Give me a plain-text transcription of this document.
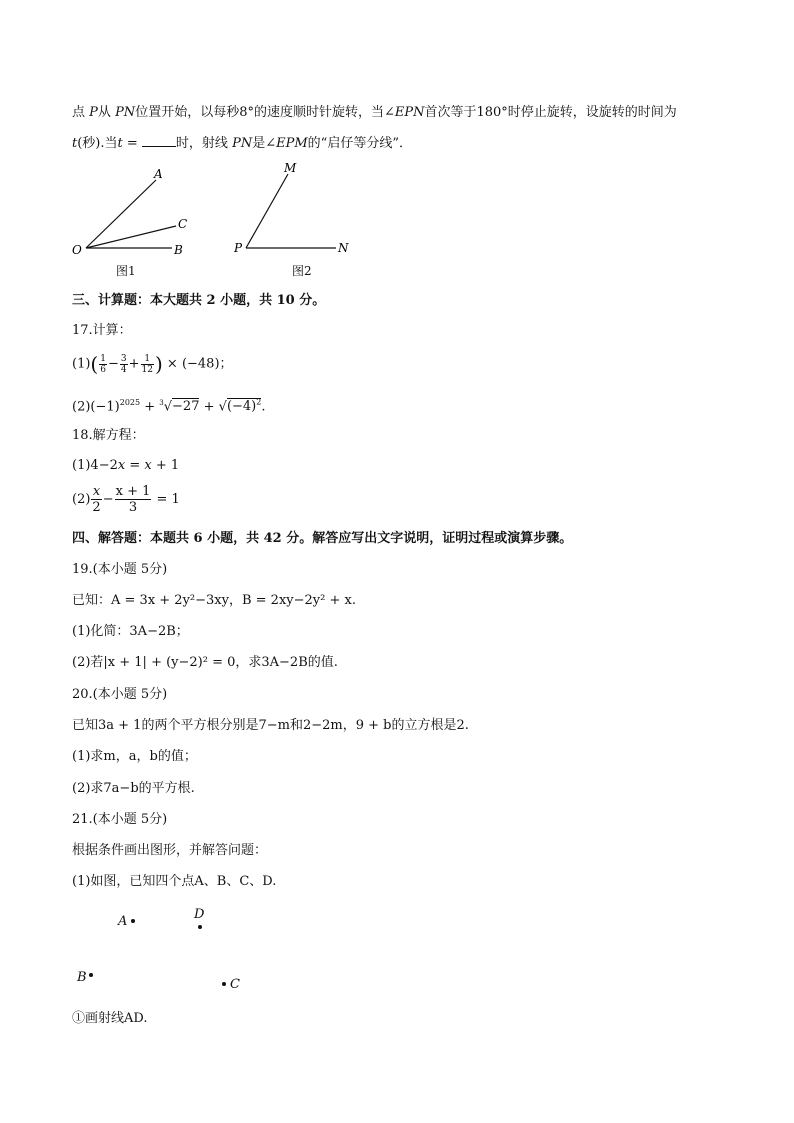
点 P从 PN位置开始，以每秒8°的速度顺时针旋转，当∠EPN首次等于180°时停止旋转，设旋转的时间为
t(秒).当t =	时，射线 PN是∠EPM的“启仔等分线”．
A
C
O	B
图1
M
P	N
图2
三、计算题：本大题共 2 小题，共 10 分。
17.计算：
$(1)( \frac{1}{6} - \frac{3}{4} + \frac{1}{12}$ ) × (−48)；
$(2)(-1)^{2025} + ^3√-27 + √(-4)^2$.
18.解方程：
(1)4−2x = x + 1
$(2) \frac{x}{2} - \frac{x + 1}{3} = 1$
四、解答题：本题共 6 小题，共 42 分。解答应写出文字说明，证明过程或演算步骤。
19.(本小题 5分)
已知：A = 3x + 2y²−3xy，B = 2xy−2y² + x.
(1)化简：3A−2B；
(2)若|x + 1| + (y−2)² = 0，求3A−2B的值.
20.(本小题 5分)
已知3a + 1的两个平方根分别是7−m和2−2m，9 + b的立方根是2.
(1)求m，a，b的值；
(2)求7a−b的平方根.
21.(本小题 5分)
根据条件画出图形，并解答问题：
(1)如图，已知四个点A、B、C、D.
A	D
B	C
①画射线AD.
